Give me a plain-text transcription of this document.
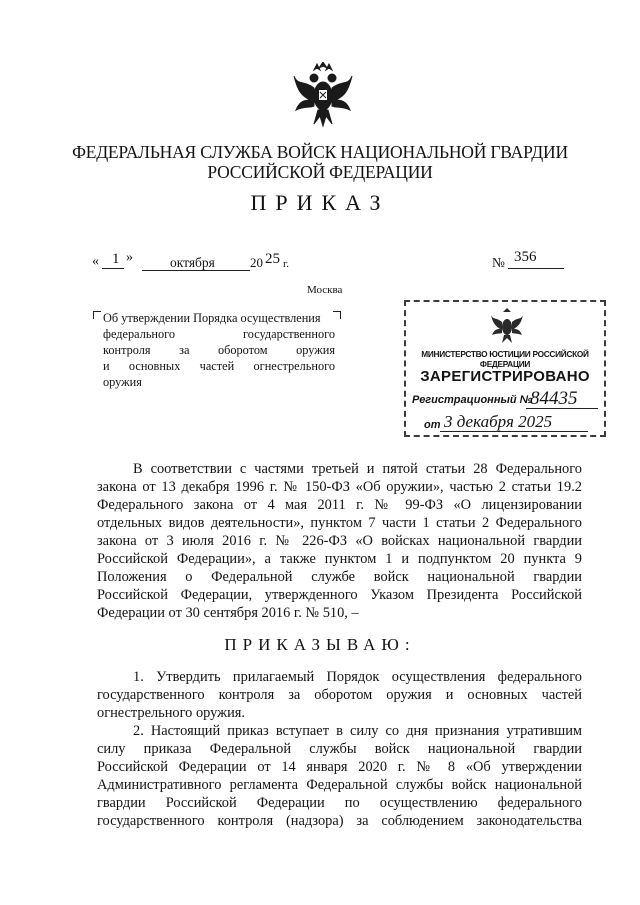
ФЕДЕРАЛЬНАЯ СЛУЖБА ВОЙСК НАЦИОНАЛЬНОЙ ГВАРДИИ
РОССИЙСКОЙ ФЕДЕРАЦИИ
ПРИКАЗ
« 1 »	октября	20 25 г.	№ 356
Москва
Об утверждении Порядка осуществления
федерального государственного
контроля за оборотом оружия
и основных частей огнестрельного
оружия
МИНИСТЕРСТВО ЮСТИЦИИ РОССИЙСКОЙ ФЕДЕРАЦИИ
ЗАРЕГИСТРИРОВАНО
Регистрационный №
84435
от 3 декабря 2025
В соответствии с частями третьей и пятой статьи 28 Федерального
закона от 13 декабря 1996 г. № 150-ФЗ «Об оружии», частью 2 статьи 19.2
Федерального закона от 4 мая 2011 г. № 99-ФЗ «О лицензировании
отдельных видов деятельности», пунктом 7 части 1 статьи 2 Федерального
закона от 3 июля 2016 г. № 226-ФЗ «О войсках национальной гвардии
Российской Федерации», а также пунктом 1 и подпунктом 20 пункта 9
Положения о Федеральной службе войск национальной гвардии
Российской Федерации, утвержденного Указом Президента Российской
Федерации от 30 сентября 2016 г. № 510, –
ПРИКАЗЫВАЮ:
1. Утвердить прилагаемый Порядок осуществления федерального
государственного контроля за оборотом оружия и основных частей
огнестрельного оружия.
2. Настоящий приказ вступает в силу со дня признания утратившим
силу приказа Федеральной службы войск национальной гвардии
Российской Федерации от 14 января 2020 г. № 8 «Об утверждении
Административного регламента Федеральной службы войск национальной
гвардии Российской Федерации по осуществлению федерального
государственного контроля (надзора) за соблюдением законодательства
